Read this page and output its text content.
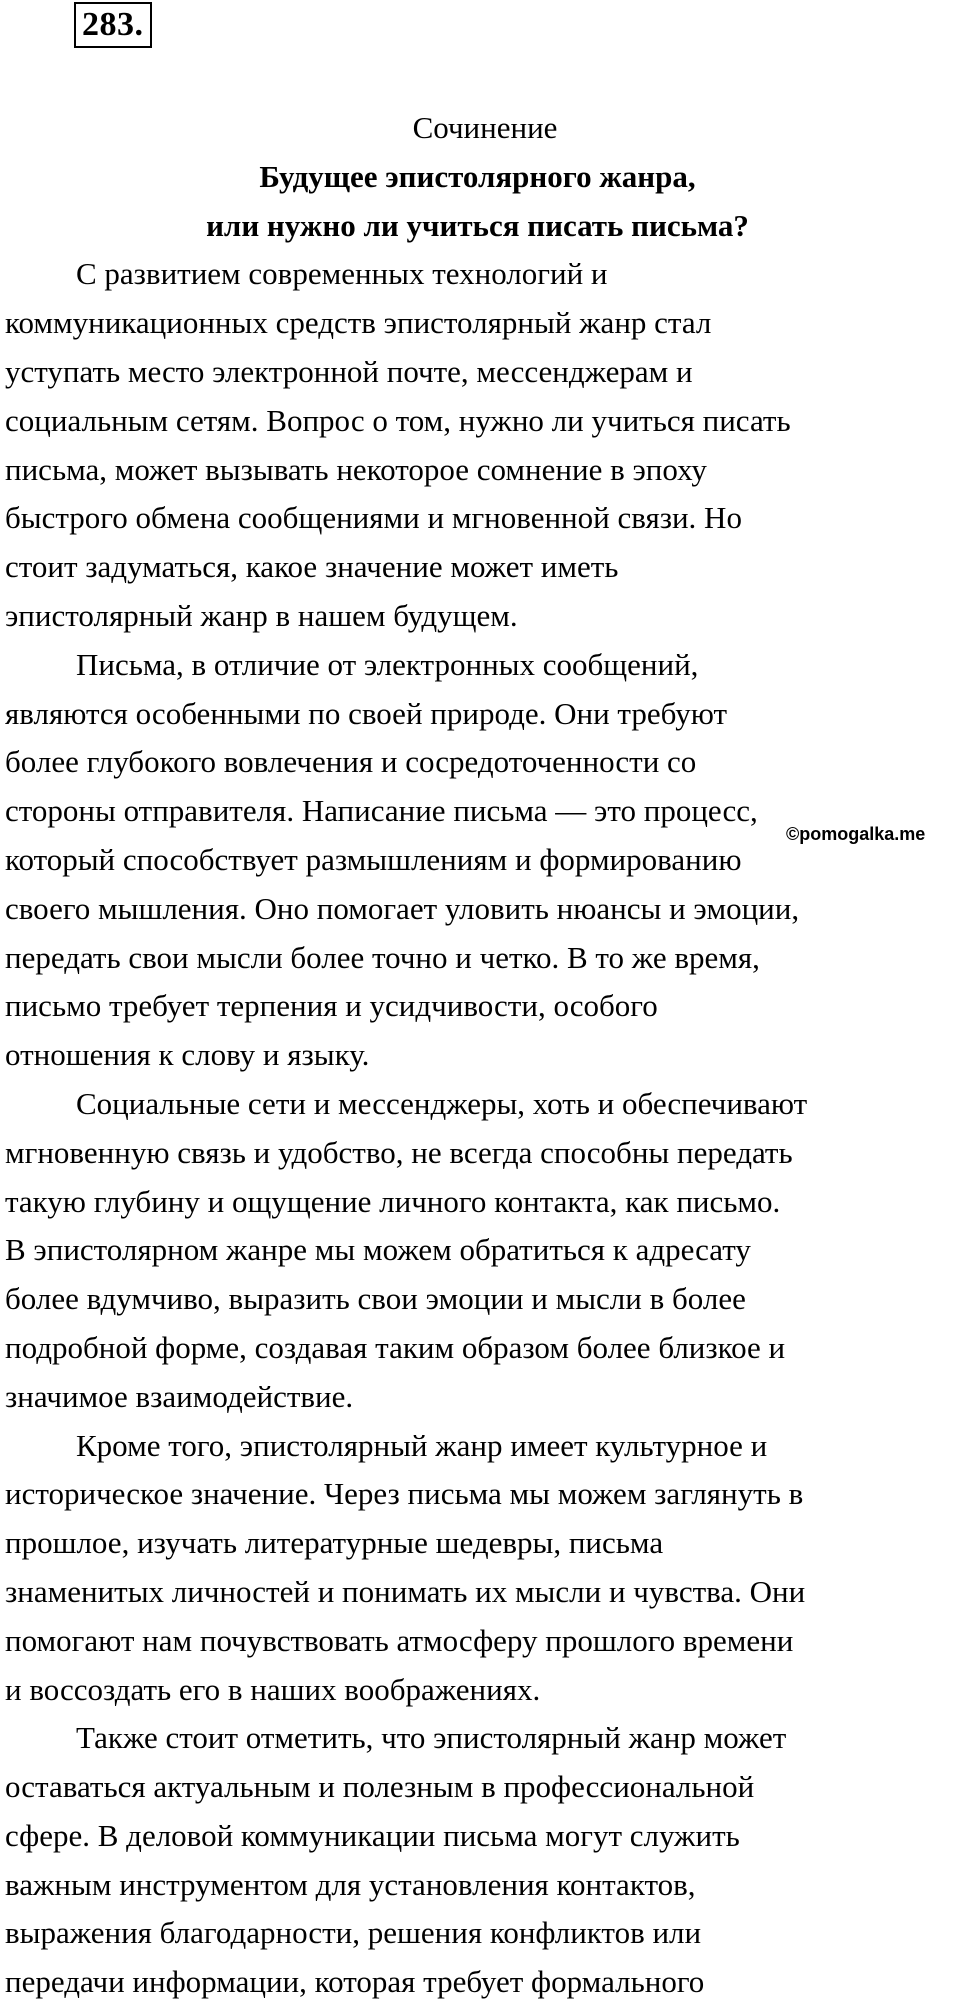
283.

Сочинение

Будущее эпистолярного жанра,

или нужно ли учиться писать письма?

С развитием современных технологий и
коммуникационных средств эпистолярный жанр стал
уступать место электронной почте, мессенджерам и
социальным сетям. Вопрос о том, нужно ли учиться писать
письма, может вызывать некоторое сомнение в эпоху
быстрого обмена сообщениями и мгновенной связи. Но
стоит задуматься, какое значение может иметь
эпистолярный жанр в нашем будущем.

Письма, в отличие от электронных сообщений,
являются особенными по своей природе. Они требуют
более глубокого вовлечения и сосредоточенности со
стороны отправителя. Написание письма — это процесс,
который способствует размышлениям и формированию
своего мышления. Оно помогает уловить нюансы и эмоции,
передать свои мысли более точно и четко. В то же время,
письмо требует терпения и усидчивости, особого
отношения к слову и языку.

Социальные сети и мессенджеры, хоть и обеспечивают
мгновенную связь и удобство, не всегда способны передать
такую глубину и ощущение личного контакта, как письмо.
В эпистолярном жанре мы можем обратиться к адресату
более вдумчиво, выразить свои эмоции и мысли в более
подробной форме, создавая таким образом более близкое и
значимое взаимодействие.

Кроме того, эпистолярный жанр имеет культурное и
историческое значение. Через письма мы можем заглянуть в
прошлое, изучать литературные шедевры, письма
знаменитых личностей и понимать их мысли и чувства. Они
помогают нам почувствовать атмосферу прошлого времени
и воссоздать его в наших воображениях.

Также стоит отметить, что эпистолярный жанр может
оставаться актуальным и полезным в профессиональной
сфере. В деловой коммуникации письма могут служить
важным инструментом для установления контактов,
выражения благодарности, решения конфликтов или
передачи информации, которая требует формального

©pomogalka.me
